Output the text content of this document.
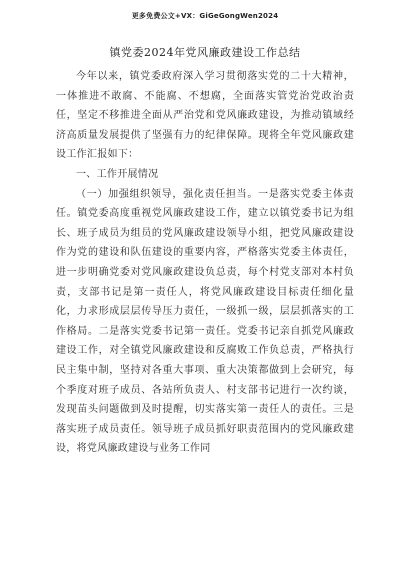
更多免费公文+VX：GiGeGongWen2024
镇党委2024年党风廉政建设工作总结

今年以来，镇党委政府深入学习贯彻落实党的二十大精神，一体推进不敢腐、不能腐、不想腐，全面落实管党治党政治责任，坚定不移推进全面从严治党和党风廉政建设，为推动镇域经济高质量发展提供了坚强有力的纪律保障。现将全年党风廉政建设工作汇报如下：

一、工作开展情况

（一）加强组织领导，强化责任担当。一是落实党委主体责任。镇党委高度重视党风廉政建设工作，建立以镇党委书记为组长、班子成员为组员的党风廉政建设领导小组，把党风廉政建设作为党的建设和队伍建设的重要内容，严格落实党委主体责任，进一步明确党委对党风廉政建设负总责，每个村党支部对本村负责，支部书记是第一责任人，将党风廉政建设目标责任细化量化，力求形成层层传导压力责任，一级抓一级，层层抓落实的工作格局。二是落实党委书记第一责任。党委书记亲自抓党风廉政建设工作，对全镇党风廉政建设和反腐败工作负总责，严格执行民主集中制，坚持对各重大事项、重大决策都做到上会研究，每个季度对班子成员、各站所负责人、村支部书记进行一次约谈，发现苗头问题做到及时提醒，切实落实第一责任人的责任。三是落实班子成员责任。领导班子成员抓好职责范围内的党风廉政建设，将党风廉政建设与业务工作同
